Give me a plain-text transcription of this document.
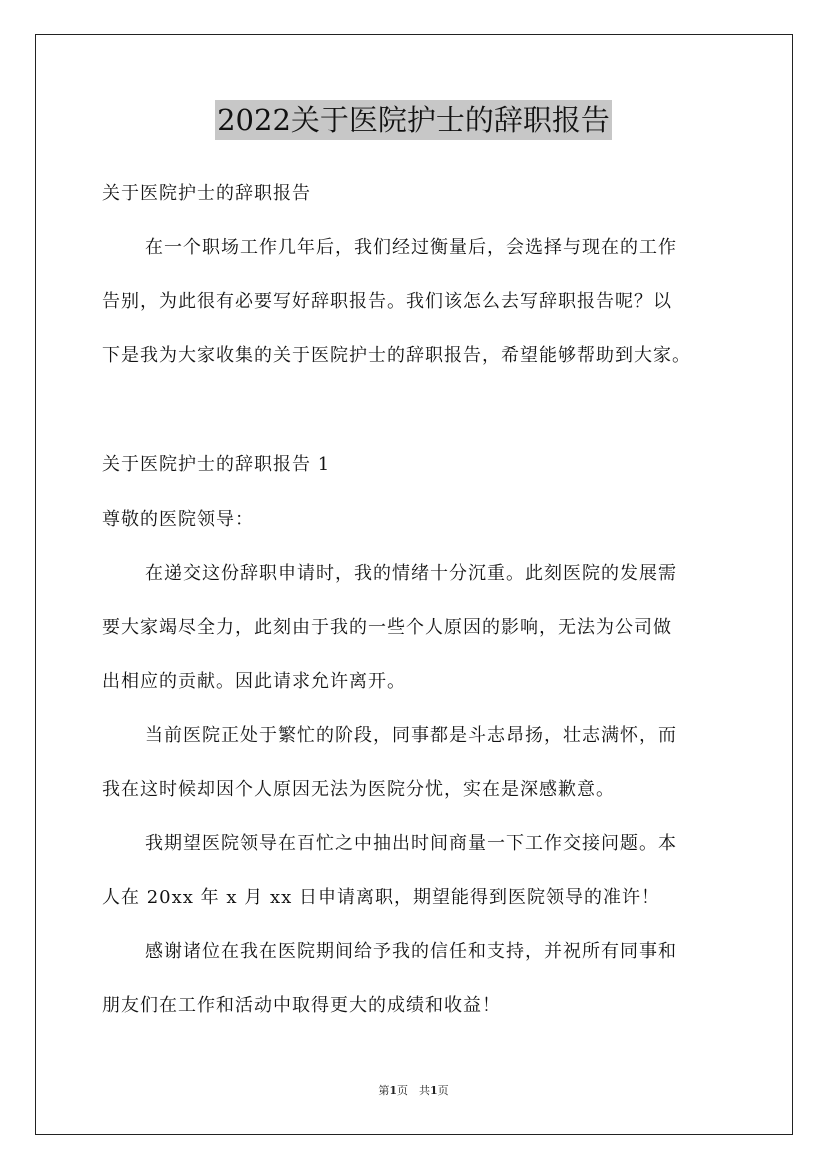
2022关于医院护士的辞职报告
关于医院护士的辞职报告
在一个职场工作几年后，我们经过衡量后，会选择与现在的工作
告别，为此很有必要写好辞职报告。我们该怎么去写辞职报告呢？以
下是我为大家收集的关于医院护士的辞职报告，希望能够帮助到大家。
关于医院护士的辞职报告 1
尊敬的医院领导：
在递交这份辞职申请时，我的情绪十分沉重。此刻医院的发展需
要大家竭尽全力，此刻由于我的一些个人原因的影响，无法为公司做
出相应的贡献。因此请求允许离开。
当前医院正处于繁忙的阶段，同事都是斗志昂扬，壮志满怀，而
我在这时候却因个人原因无法为医院分忧，实在是深感歉意。
我期望医院领导在百忙之中抽出时间商量一下工作交接问题。本
人在 20xx 年 x 月 xx 日申请离职，期望能得到医院领导的准许！
感谢诸位在我在医院期间给予我的信任和支持，并祝所有同事和
朋友们在工作和活动中取得更大的成绩和收益！
第1页　共1页
